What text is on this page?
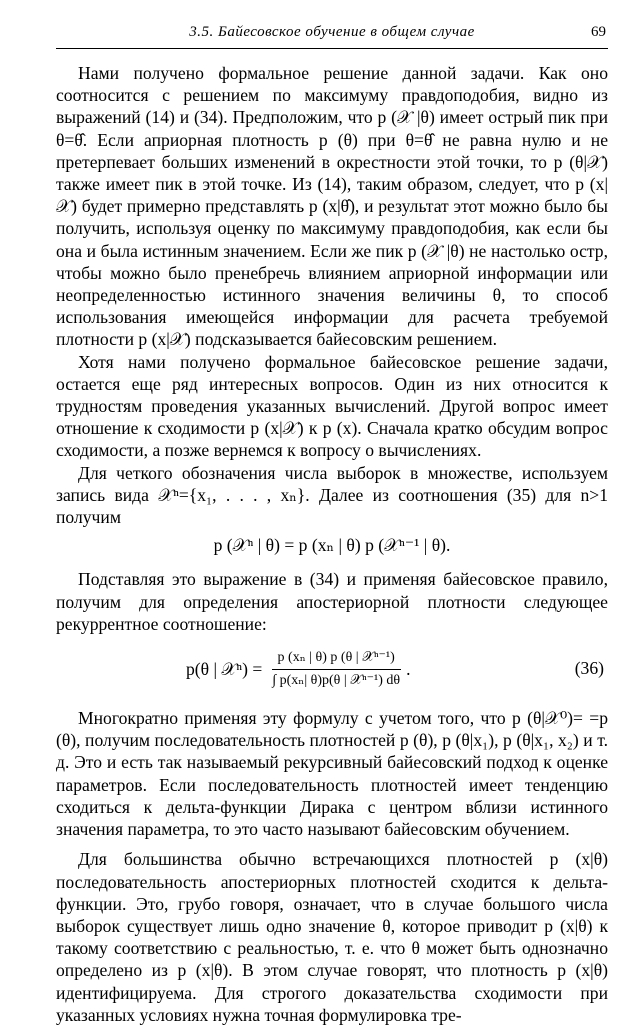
3.5. Байесовское обучение в общем случае	69

Нами получено формальное решение данной задачи. Как оно соотносится с решением по максимуму правдоподобия, видно из выражений (14) и (34). Предположим, что p (𝒳 |θ) имеет острый пик при θ=θ̂. Если априорная плотность p (θ) при θ=θ̂ не равна нулю и не претерпевает больших изменений в окрестности этой точки, то p (θ|𝒳) также имеет пик в этой точке. Из (14), таким образом, следует, что p (x|𝒳) будет примерно представлять p (x|θ̂), и результат этот можно было бы получить, используя оценку по максимуму правдоподобия, как если бы она и была истинным значением. Если же пик p (𝒳 |θ) не настолько остр, чтобы можно было пренебречь влиянием априорной информации или неопределенностью истинного значения величины θ, то способ использования имеющейся информации для расчета требуемой плотности p (x|𝒳) подсказывается байесовским решением.

Хотя нами получено формальное байесовское решение задачи, остается еще ряд интересных вопросов. Один из них относится к трудностям проведения указанных вычислений. Другой вопрос имеет отношение к сходимости p (x|𝒳) к p (x). Сначала кратко обсудим вопрос сходимости, а позже вернемся к вопросу о вычислениях.

Для четкого обозначения числа выборок в множестве, используем запись вида 𝒳ⁿ={x₁, . . . , xₙ}. Далее из соотношения (35) для n>1 получим

p (𝒳ⁿ | θ) = p (xₙ | θ) p (𝒳ⁿ⁻¹ | θ).

Подставляя это выражение в (34) и применяя байесовское правило, получим для определения апостериорной плотности следующее рекуррентное соотношение:

p(θ | 𝒳ⁿ) = $\frac{\text{p (xₙ | θ) p (θ | 𝒳ⁿ⁻¹)}}{\text{∫ p(xₙ| θ)p(θ | 𝒳ⁿ⁻¹) dθ}}$ .	(36)

Многократно применяя эту формулу с учетом того, что p (θ|𝒳⁰)= =p (θ), получим последовательность плотностей p (θ), p (θ|x₁), p (θ|x₁, x₂) и т. д. Это и есть так называемый рекурсивный байесовский подход к оценке параметров. Если последовательность плотностей имеет тенденцию сходиться к дельта-функции Дирака с центром вблизи истинного значения параметра, то это часто называют байесовским обучением.

Для большинства обычно встречающихся плотностей p (x|θ) последовательность апостериорных плотностей сходится к дельта-функции. Это, грубо говоря, означает, что в случае большого числа выборок существует лишь одно значение θ, которое приводит p (x|θ) к такому соответствию с реальностью, т. е. что θ может быть однозначно определено из p (x|θ). В этом случае говорят, что плотность p (x|θ) идентифицируема. Для строгого доказательства сходимости при указанных условиях нужна точная формулировка тре-
